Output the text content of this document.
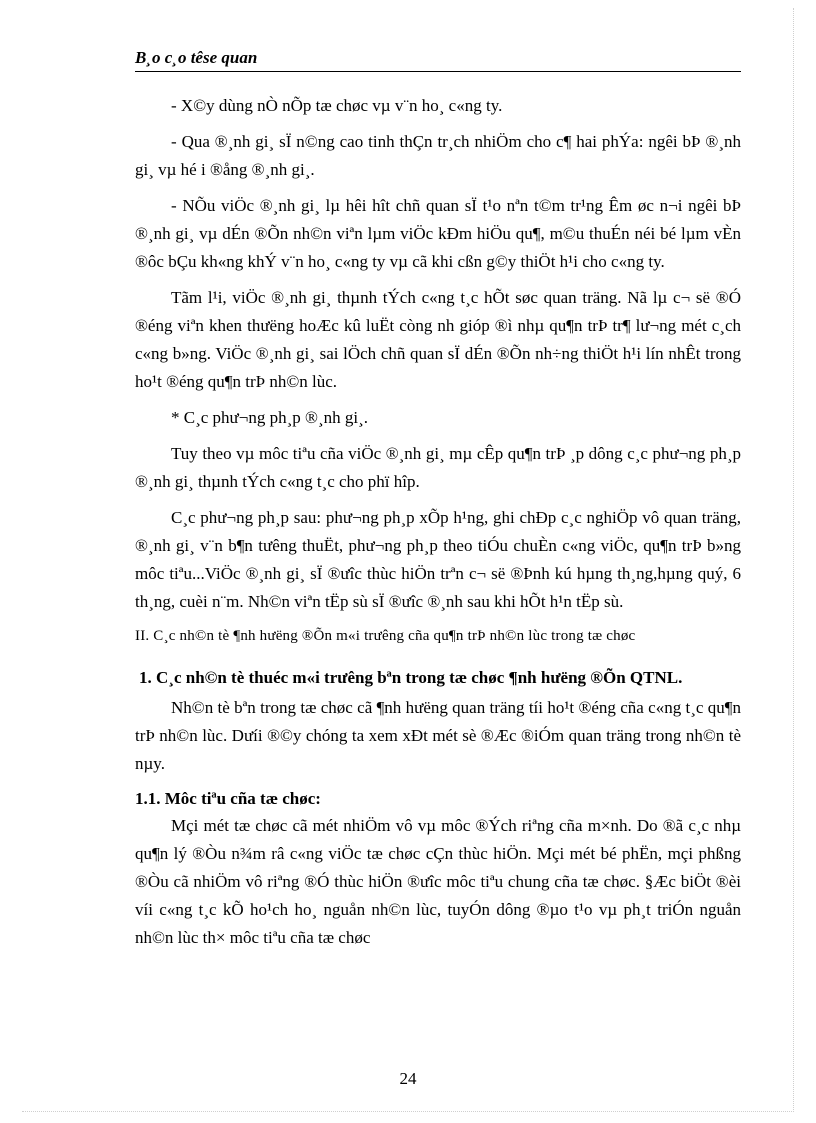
B¸o c¸o têse quan

- X©y dùng nÒ nÕp tæ chøc vµ v¨n ho¸ c«ng ty.

- Qua ®¸nh gi¸ sÏ n©ng cao tinh thÇn tr¸ch nhiÖm cho c¶ hai phÝa: ngêi bÞ ®¸nh gi¸ vµ hé i ®ång ®¸nh gi¸.

- NÕu viÖc ®¸nh gi¸ lµ hêi hît chñ quan sÏ t¹o nªn t©m tr¹ng Êm øc n¬i ngêi bÞ ®¸nh gi¸ vµ dÉn ®Õn nh©n viªn lµm viÖc kÐm hiÖu qu¶, m©u thuÉn néi bé lµm vÈn ®ôc bÇu kh«ng khÝ v¨n ho¸ c«ng ty vµ cã khi cßn g©y thiÖt h¹i cho c«ng ty.

Tãm l¹i, viÖc ®¸nh gi¸ thµnh tÝch c«ng t¸c hÕt søc quan träng. Nã lµ c¬ së ®Ó ®éng viªn khen thưëng hoÆc kû luËt còng nh gióp ®ì nhµ qu¶n trÞ tr¶ lư¬ng mét c¸ch c«ng b»ng. ViÖc ®¸nh gi¸ sai lÖch chñ quan sÏ dÉn ®Õn nh÷ng thiÖt h¹i lín nhÊt trong ho¹t ®éng qu¶n trÞ nh©n lùc.

* C¸c phư¬ng ph¸p ®¸nh gi¸.

Tuy theo vµ môc tiªu cña viÖc ®¸nh gi¸ mµ cÊp qu¶n trÞ ¸p dông c¸c phư¬ng ph¸p ®¸nh gi¸ thµnh tÝch c«ng t¸c cho phï hîp.

C¸c phư¬ng ph¸p sau: phư¬ng ph¸p xÕp h¹ng, ghi chÐp c¸c nghiÖp vô quan träng, ®¸nh gi¸ v¨n b¶n tưêng thuËt, phư¬ng ph¸p theo tiÓu chuÈn c«ng viÖc, qu¶n trÞ b»ng môc tiªu...ViÖc ®¸nh gi¸ sÏ ®ưîc thùc hiÖn trªn c¬ së ®Þnh kú hµng th¸ng,hµng quý, 6 th¸ng, cuèi n¨m. Nh©n viªn tËp sù sÏ ®ưîc ®¸nh sau khi hÕt h¹n tËp sù.

II. C¸c nh©n tè ¶nh hưëng ®Õn m«i trưêng cña qu¶n trÞ nh©n lùc trong tæ chøc

1. C¸c nh©n tè thuéc m«i trưêng bªn trong tæ chøc ¶nh hưëng ®Õn QTNL.

Nh©n tè bªn trong tæ chøc cã ¶nh hưëng quan träng tíi ho¹t ®éng cña c«ng t¸c qu¶n trÞ nh©n lùc. Dưíi ®©y chóng ta xem xÐt mét sè ®Æc ®iÓm quan träng trong nh©n tè nµy.

1.1. Môc tiªu cña tæ chøc:

Mçi mét tæ chøc cã mét nhiÖm vô vµ môc ®Ých riªng cña m×nh. Do ®ã c¸c nhµ qu¶n lý ®Òu n¾m râ c«ng viÖc tæ chøc cÇn thùc hiÖn. Mçi mét bé phËn, mçi phßng ®Òu cã nhiÖm vô riªng ®Ó thùc hiÖn ®ưîc môc tiªu chung cña tæ chøc. §Æc biÖt ®èi víi c«ng t¸c kÕ ho¹ch ho¸ nguån nh©n lùc, tuyÓn dông ®µo t¹o vµ ph¸t triÓn nguån nh©n lùc th× môc tiªu cña tæ chøc

24
